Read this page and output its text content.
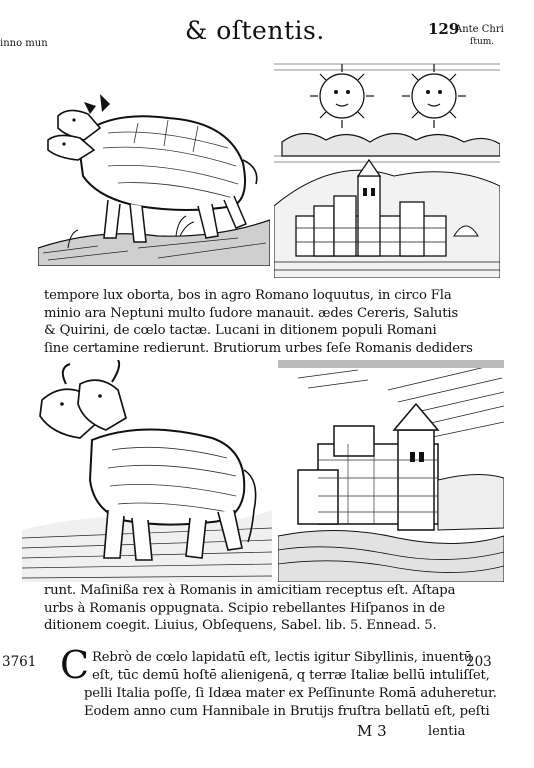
inno mun	& oſtentis.	129
Ante Chri
ſtum.
tempore lux oborta, bos in agro Romano loquutus, in circo Fla
minio ara Neptuni multo ſudore manauit. ædes Cereris, Salutis
& Quirini, de cœlo tactæ. Lucani in ditionem populi Romani
ſine certamine redierunt. Brutiorum urbes ſeſe Romanis dediders
runt. Maſinißa rex à Romanis in amicitiam receptus eſt. Aſtapa
urbs à Romanis oppugnata. Scipio rebellantes Hiſpanos in de
ditionem coegit. Liuius, Obſequens, Sabel. lib. 5. Ennead. 5.
3761	203
C Rebrò de cœlo lapidatū eſt, lectis igitur Sibyllinis, inuentū
eſt, tūc demū hoſtē alienigenā, q terræ Italiæ bellū intuliſſet,
pelli Italia poſſe, ſi Idæa mater ex Peſſinunte Romā aduheretur.
Eodem anno cum Hannibale in Brutijs fruſtra bellatū eſt, peſti
M 3	lentia
